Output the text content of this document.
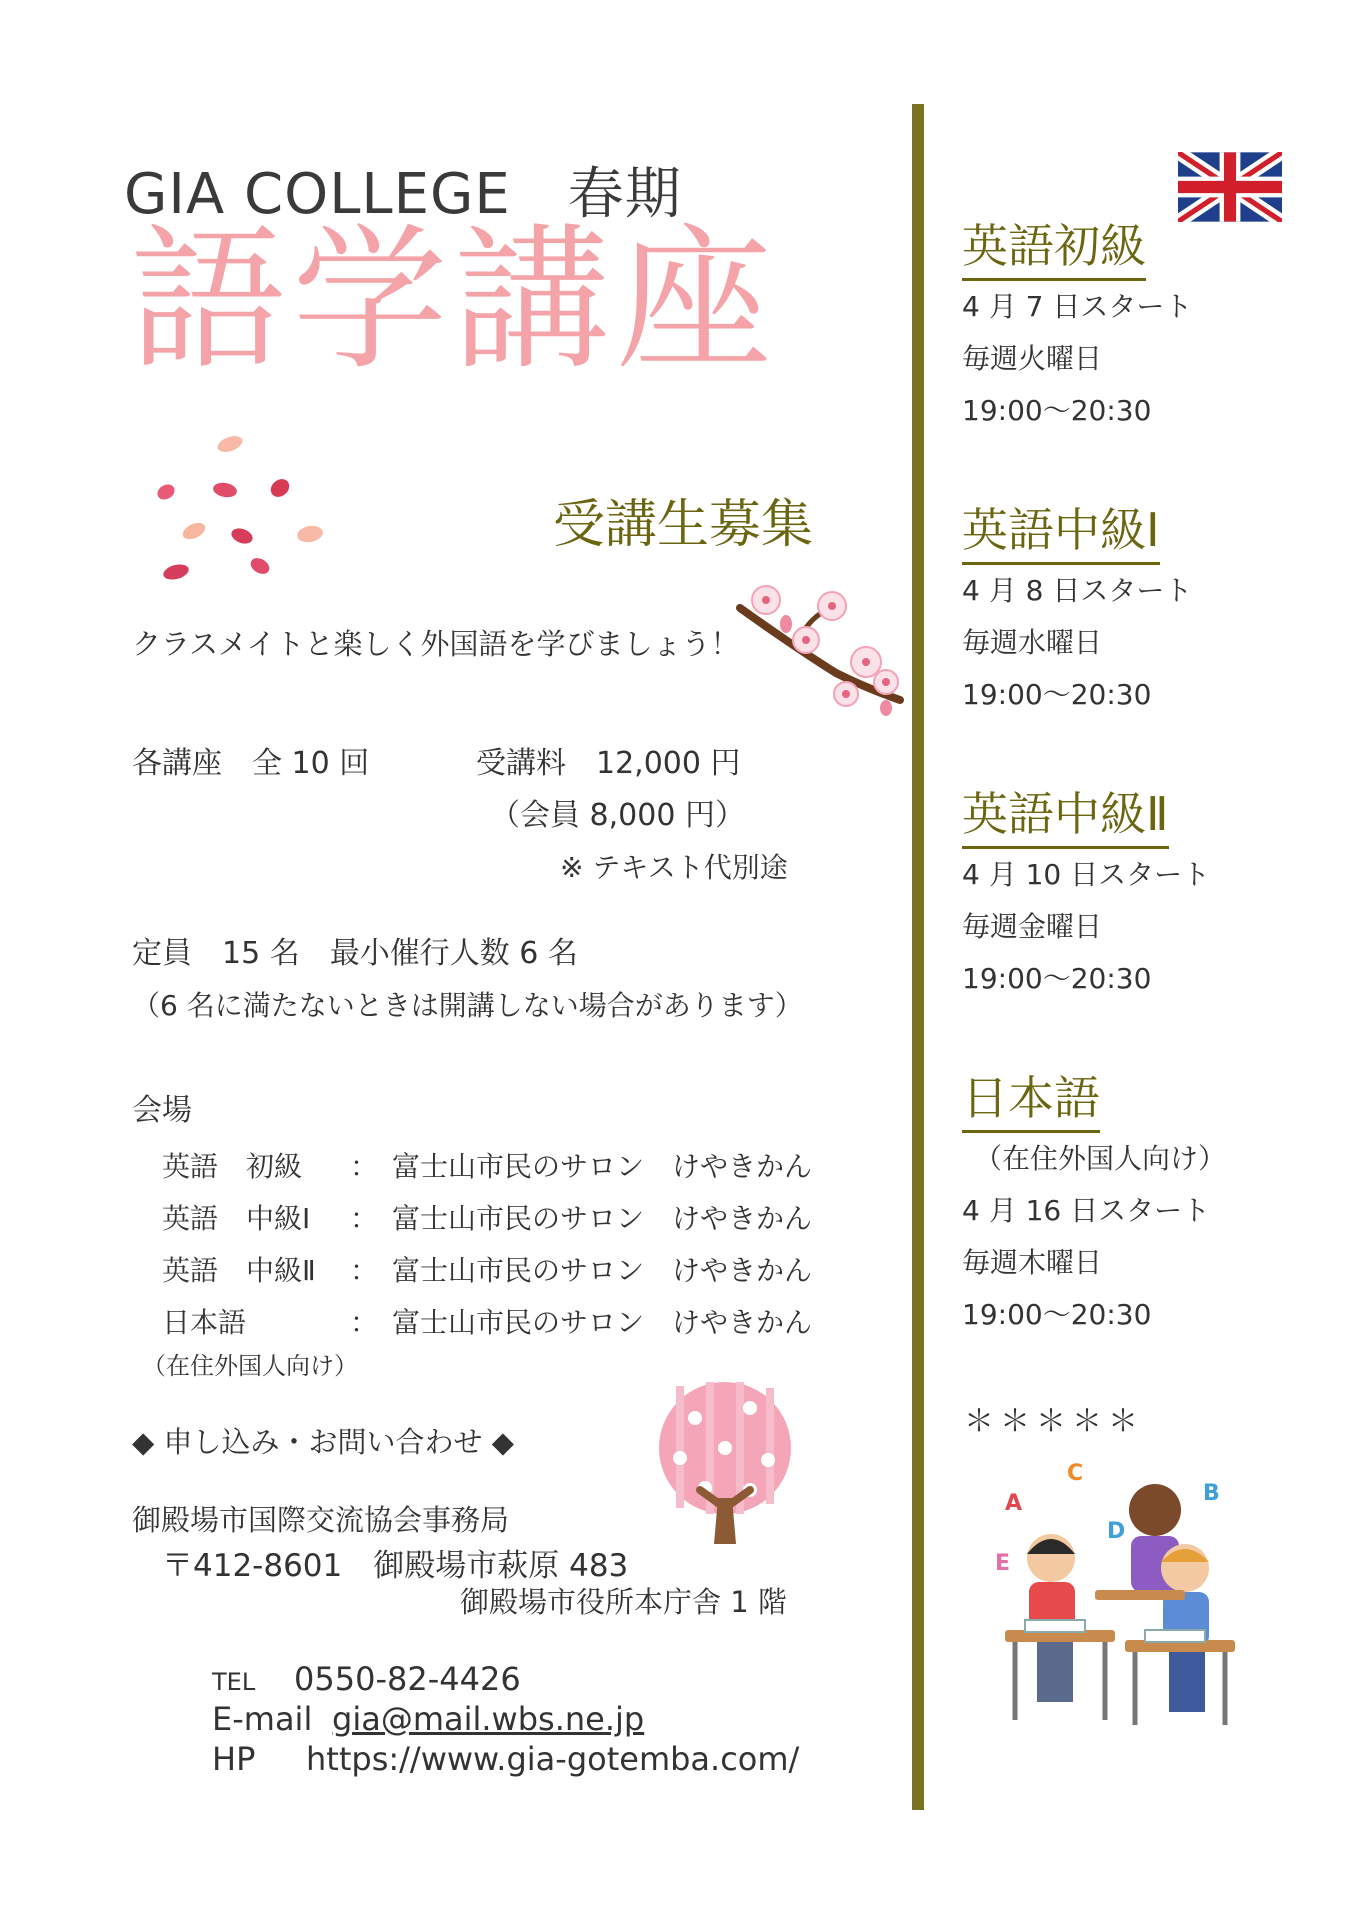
GIA COLLEGE　春期
語学講座
受講生募集
クラスメイトと楽しく外国語を学びましょう！
各講座　全 10 回	受講料　12,000 円
（会員 8,000 円）
※ テキスト代別途
定員　15 名　最小催行人数 6 名
（6 名に満たないときは開講しない場合があります）
会場
英語　初級 ： 富士山市民のサロン　けやきかん
英語　中級Ⅰ ： 富士山市民のサロン　けやきかん
英語　中級Ⅱ ： 富士山市民のサロン　けやきかん
日本語	： 富士山市民のサロン　けやきかん
（在住外国人向け）
◆ 申し込み・お問い合わせ ◆
御殿場市国際交流協会事務局
〒412-8601　御殿場市萩原 483
御殿場市役所本庁舎 1 階
TEL 0550-82-4426
E-mail gia@mail.wbs.ne.jp
HP https://www.gia-gotemba.com/
英語初級
4 月 7 日スタート
毎週火曜日
19:00～20:30
英語中級Ⅰ
4 月 8 日スタート
毎週水曜日
19:00～20:30
英語中級Ⅱ
4 月 10 日スタート
毎週金曜日
19:00～20:30
日本語
（在住外国人向け）
4 月 16 日スタート
毎週木曜日
19:00～20:30
＊＊＊＊＊
A
C
D
B
E
